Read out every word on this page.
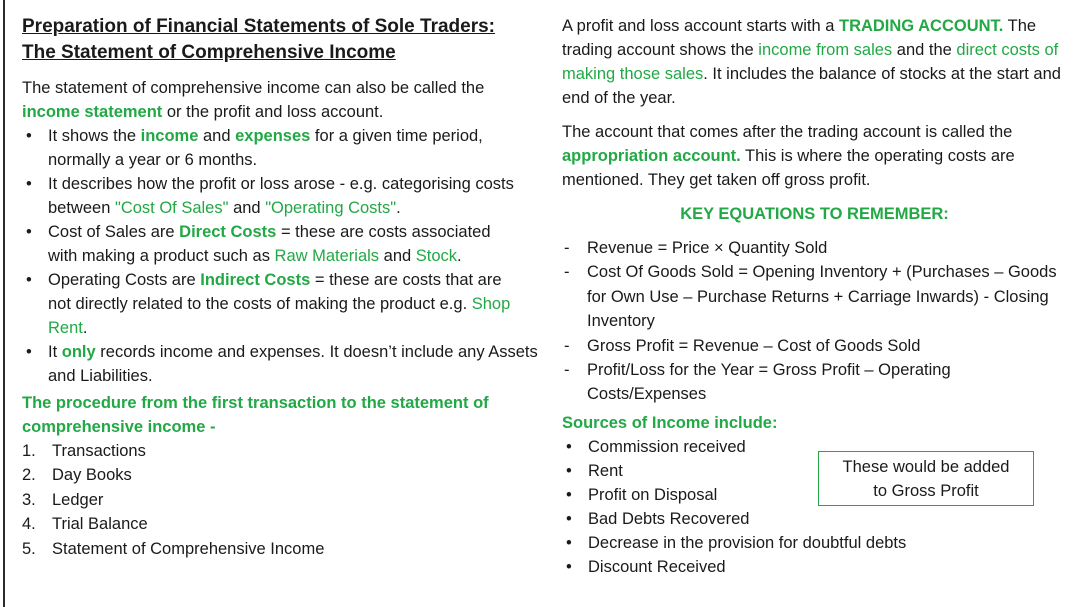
Preparation of Financial Statements of Sole Traders:
The Statement of Comprehensive Income

The statement of comprehensive income can also be called the income statement or the profit and loss account.

• It shows the income and expenses for a given time period, normally a year or 6 months.
• It describes how the profit or loss arose - e.g. categorising costs between "Cost Of Sales" and "Operating Costs".
• Cost of Sales are Direct Costs = these are costs associated with making a product such as Raw Materials and Stock.
• Operating Costs are Indirect Costs = these are costs that are not directly related to the costs of making the product e.g. Shop Rent.
• It only records income and expenses. It doesn’t include any Assets and Liabilities.

The procedure from the first transaction to the statement of comprehensive income -

1. Transactions
2. Day Books
3. Ledger
4. Trial Balance
5. Statement of Comprehensive Income

A profit and loss account starts with a TRADING ACCOUNT. The trading account shows the income from sales and the direct costs of making those sales. It includes the balance of stocks at the start and end of the year.

The account that comes after the trading account is called the appropriation account. This is where the operating costs are mentioned. They get taken off gross profit.

KEY EQUATIONS TO REMEMBER:

- Revenue = Price × Quantity Sold
- Cost Of Goods Sold = Opening Inventory + (Purchases – Goods for Own Use – Purchase Returns + Carriage Inwards) - Closing Inventory
- Gross Profit = Revenue – Cost of Goods Sold
- Profit/Loss for the Year = Gross Profit – Operating Costs/Expenses

Sources of Income include:

• Commission received
• Rent
• Profit on Disposal
• Bad Debts Recovered
• Decrease in the provision for doubtful debts
• Discount Received
These would be added
to Gross Profit
